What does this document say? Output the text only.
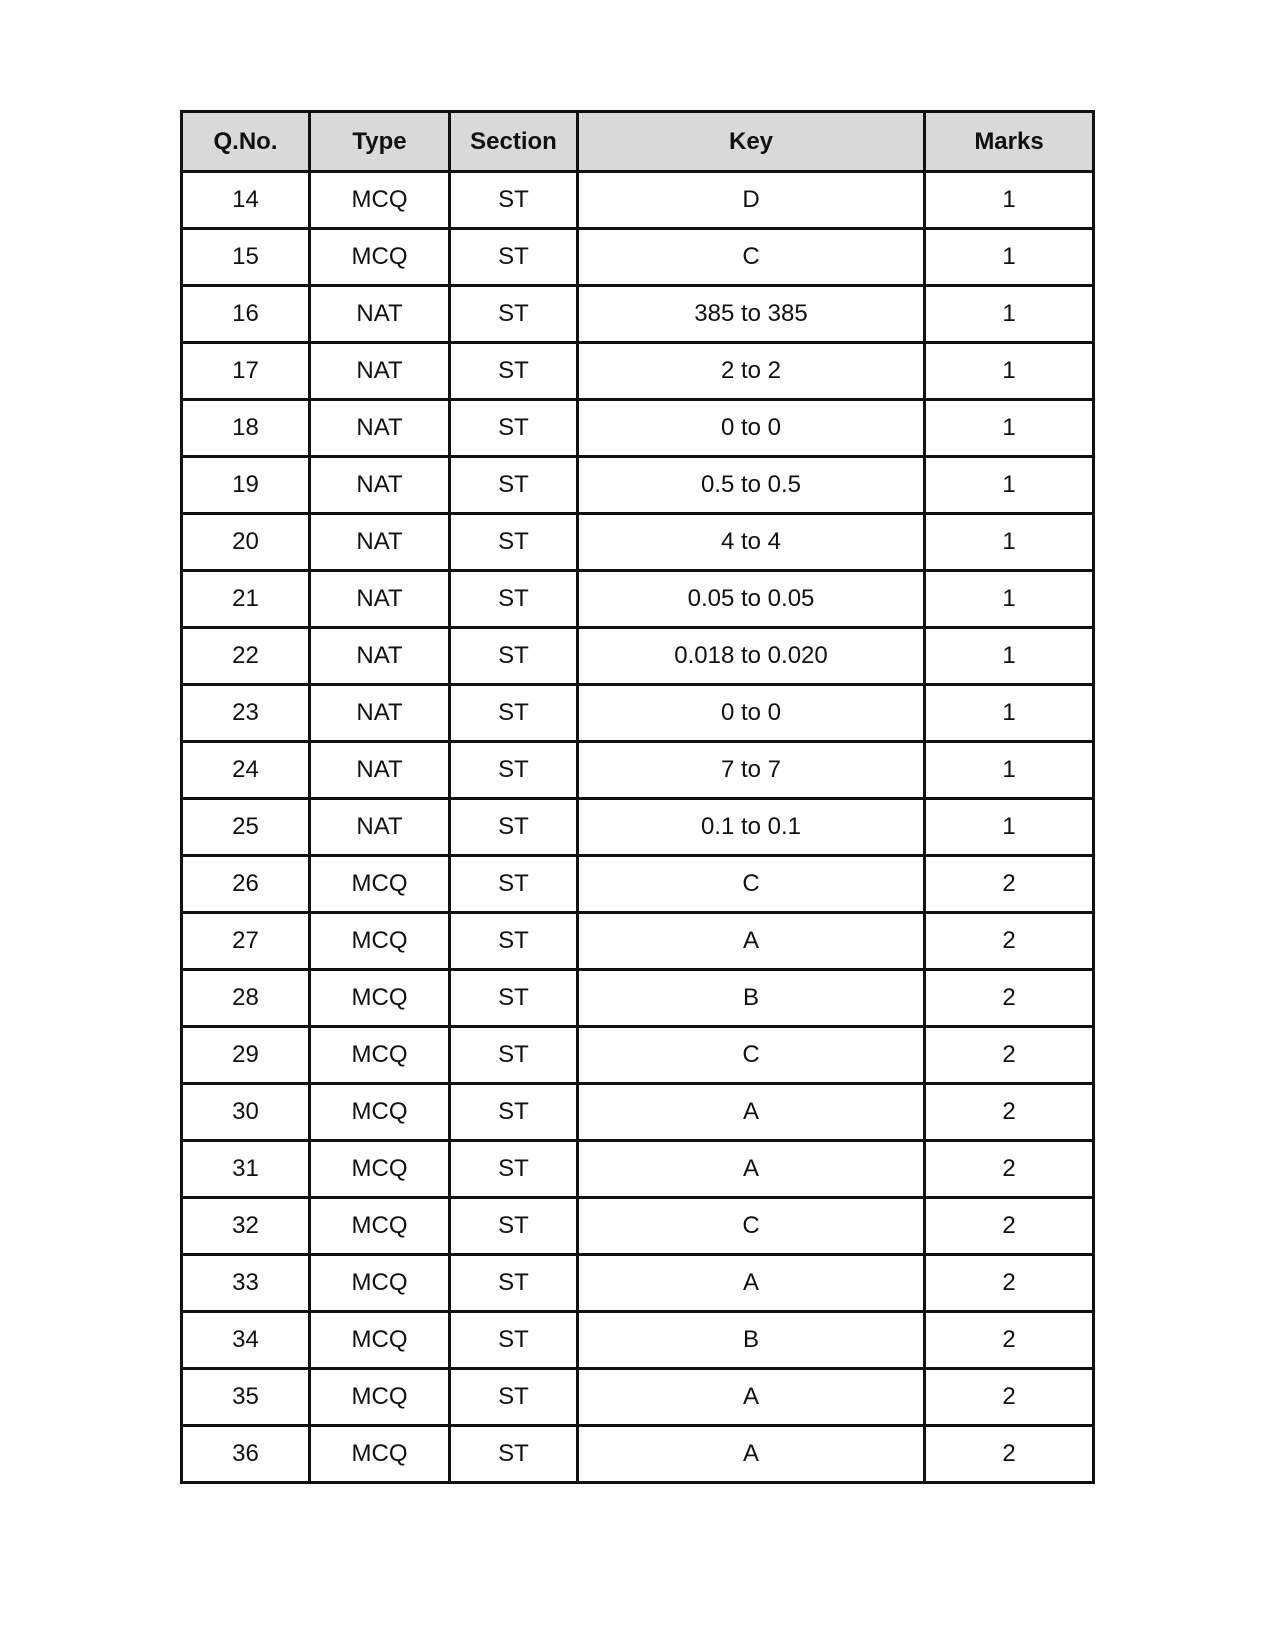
Q.No.	Type	Section	Key	Marks
14	MCQ	ST	D	1
15	MCQ	ST	C	1
16	NAT	ST	385 to 385	1
17	NAT	ST	2 to 2	1
18	NAT	ST	0 to 0	1
19	NAT	ST	0.5 to 0.5	1
20	NAT	ST	4 to 4	1
21	NAT	ST	0.05 to 0.05	1
22	NAT	ST	0.018 to 0.020	1
23	NAT	ST	0 to 0	1
24	NAT	ST	7 to 7	1
25	NAT	ST	0.1 to 0.1	1
26	MCQ	ST	C	2
27	MCQ	ST	A	2
28	MCQ	ST	B	2
29	MCQ	ST	C	2
30	MCQ	ST	A	2
31	MCQ	ST	A	2
32	MCQ	ST	C	2
33	MCQ	ST	A	2
34	MCQ	ST	B	2
35	MCQ	ST	A	2
36	MCQ	ST	A	2
